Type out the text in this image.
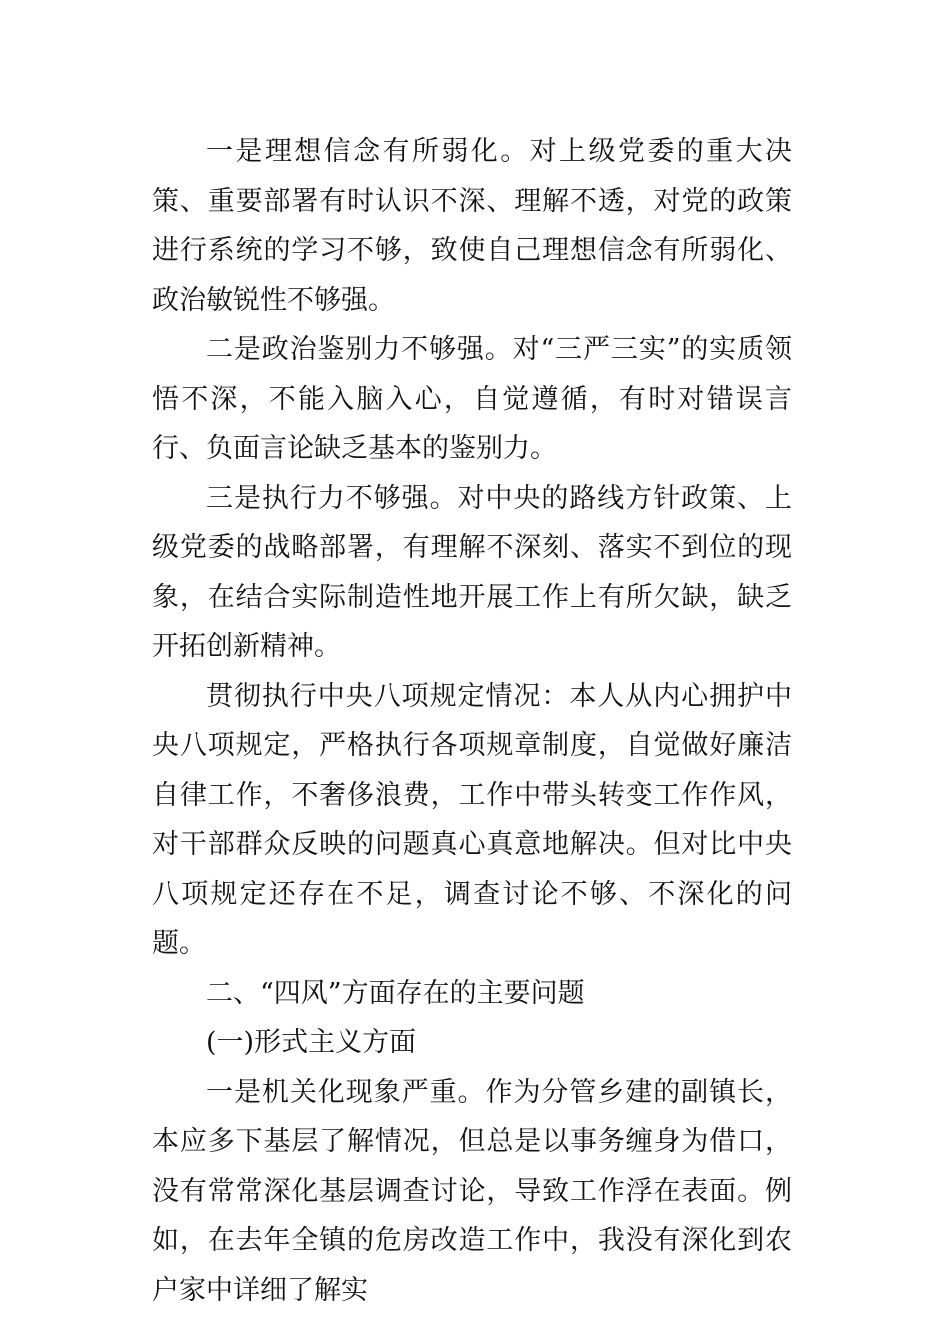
一是理想信念有所弱化。对上级党委的重大决策、重要部署有时认识不深、理解不透，对党的政策进行系统的学习不够，致使自己理想信念有所弱化、政治敏锐性不够强。

二是政治鉴别力不够强。对“三严三实”的实质领悟不深，不能入脑入心，自觉遵循，有时对错误言行、负面言论缺乏基本的鉴别力。

三是执行力不够强。对中央的路线方针政策、上级党委的战略部署，有理解不深刻、落实不到位的现象，在结合实际制造性地开展工作上有所欠缺，缺乏开拓创新精神。

贯彻执行中央八项规定情况：本人从内心拥护中央八项规定，严格执行各项规章制度，自觉做好廉洁自律工作，不奢侈浪费，工作中带头转变工作作风，对干部群众反映的问题真心真意地解决。但对比中央八项规定还存在不足，调查讨论不够、不深化的问题。

二、“四风”方面存在的主要问题

(一)形式主义方面

一是机关化现象严重。作为分管乡建的副镇长，本应多下基层了解情况，但总是以事务缠身为借口，没有常常深化基层调查讨论，导致工作浮在表面。例如，在去年全镇的危房改造工作中，我没有深化到农户家中详细了解实
